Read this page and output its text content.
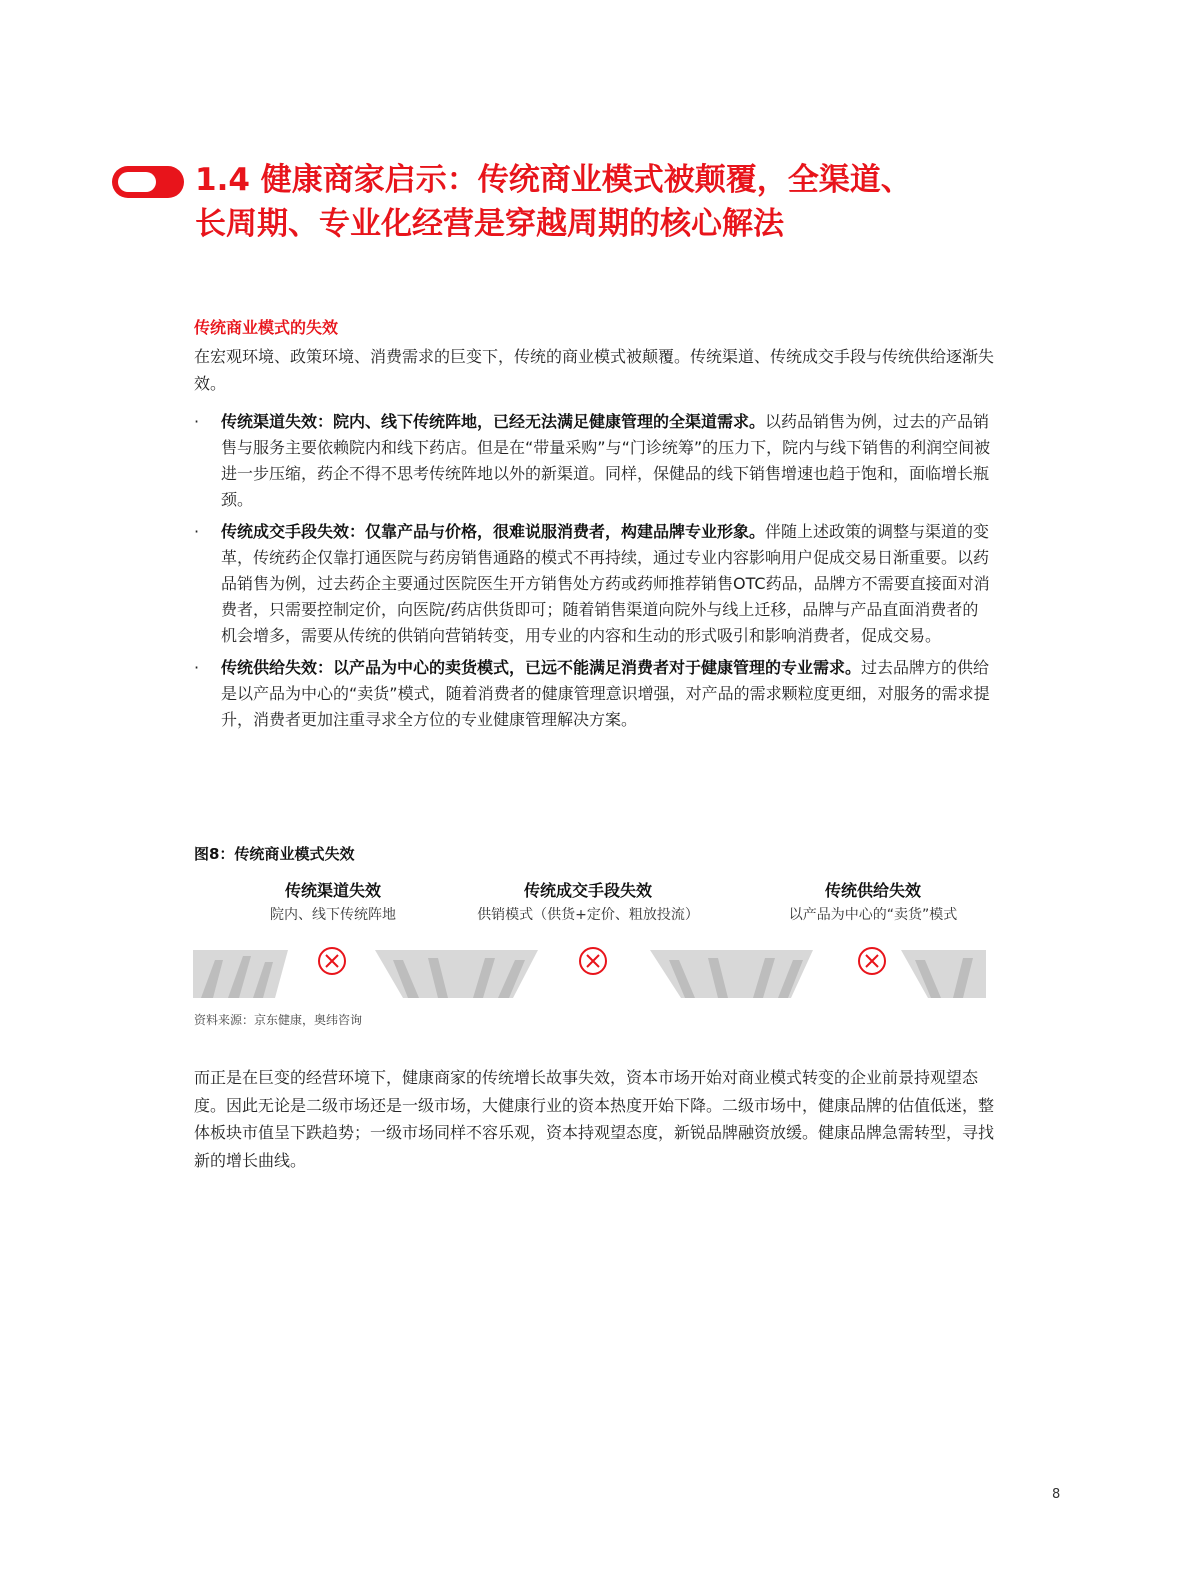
1.4 健康商家启示：传统商业模式被颠覆，全渠道、
长周期、专业化经营是穿越周期的核心解法
传统商业模式的失效

在宏观环境、政策环境、消费需求的巨变下，传统的商业模式被颠覆。传统渠道、传统成交手段与传统供给逐渐失效。

· 传统渠道失效：院内、线下传统阵地，已经无法满足健康管理的全渠道需求。以药品销售为例，过去的产品销售与服务主要依赖院内和线下药店。但是在“带量采购”与“门诊统筹”的压力下，院内与线下销售的利润空间被进一步压缩，药企不得不思考传统阵地以外的新渠道。同样，保健品的线下销售增速也趋于饱和，面临增长瓶颈。
· 传统成交手段失效：仅靠产品与价格，很难说服消费者，构建品牌专业形象。伴随上述政策的调整与渠道的变革，传统药企仅靠打通医院与药房销售通路的模式不再持续，通过专业内容影响用户促成交易日渐重要。以药品销售为例，过去药企主要通过医院医生开方销售处方药或药师推荐销售OTC药品，品牌方不需要直接面对消费者，只需要控制定价，向医院/药店供货即可；随着销售渠道向院外与线上迁移，品牌与产品直面消费者的机会增多，需要从传统的供销向营销转变，用专业的内容和生动的形式吸引和影响消费者，促成交易。
· 传统供给失效：以产品为中心的卖货模式，已远不能满足消费者对于健康管理的专业需求。过去品牌方的供给是以产品为中心的“卖货”模式，随着消费者的健康管理意识增强，对产品的需求颗粒度更细，对服务的需求提升，消费者更加注重寻求全方位的专业健康管理解决方案。
图8：传统商业模式失效
传统渠道失效
院内、线下传统阵地
传统成交手段失效
供销模式（供货+定价、粗放投流）
传统供给失效
以产品为中心的“卖货”模式
资料来源：京东健康，奥纬咨询

而正是在巨变的经营环境下，健康商家的传统增长故事失效，资本市场开始对商业模式转变的企业前景持观望态度。因此无论是二级市场还是一级市场，大健康行业的资本热度开始下降。二级市场中，健康品牌的估值低迷，整体板块市值呈下跌趋势；一级市场同样不容乐观，资本持观望态度，新锐品牌融资放缓。健康品牌急需转型，寻找新的增长曲线。

8
